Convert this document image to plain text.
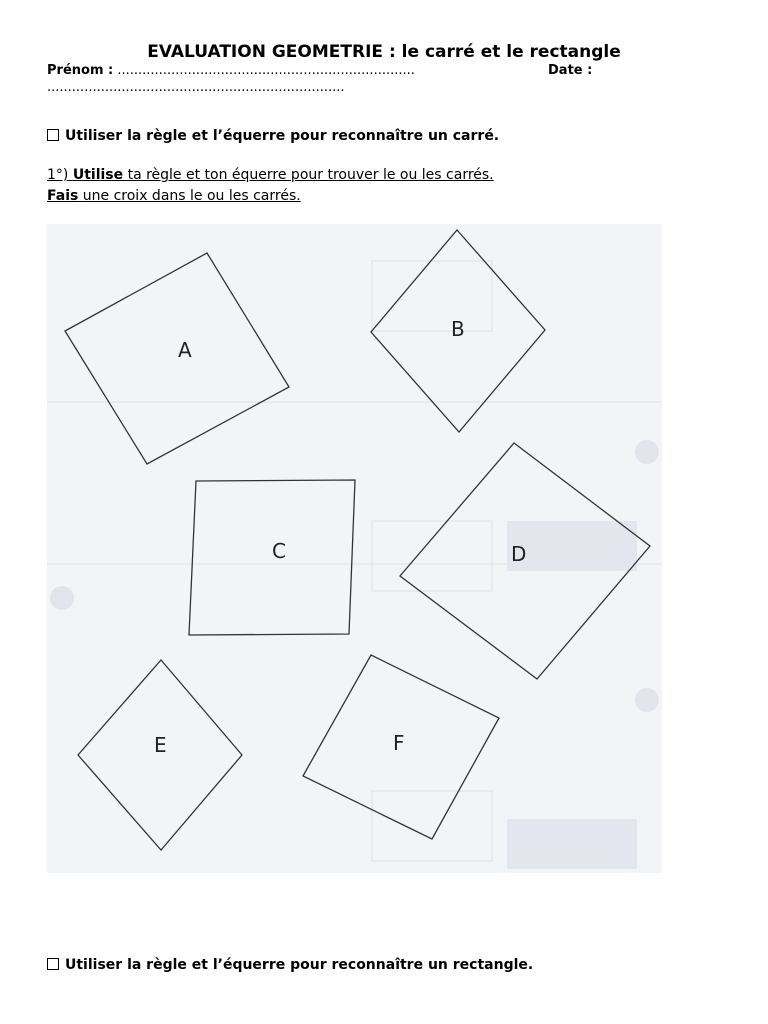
EVALUATION GEOMETRIE : le carré et le rectangle
Prénom : ........................................................................	Date :
........................................................................
Utiliser la règle et l’équerre pour reconnaître un carré.
1°) Utilise ta règle et ton équerre pour trouver le ou les carrés.
Fais une croix dans le ou les carrés.
A
B
C	D
E	F
Utiliser la règle et l’équerre pour reconnaître un rectangle.
